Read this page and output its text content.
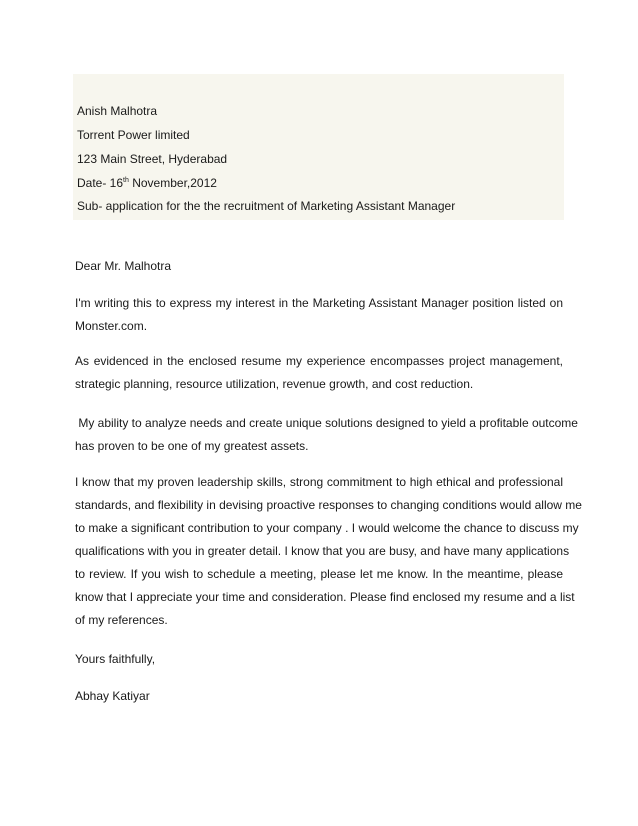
Anish Malhotra
Torrent Power limited
123 Main Street, Hyderabad
Date- 16th November,2012
Sub- application for the the recruitment of Marketing Assistant Manager
Dear Mr. Malhotra
I'm writing this to express my interest in the Marketing Assistant Manager position listed on
Monster.com.
As evidenced in the enclosed resume my experience encompasses project management,
strategic planning, resource utilization, revenue growth, and cost reduction.
My ability to analyze needs and create unique solutions designed to yield a profitable outcome
has proven to be one of my greatest assets.
I know that my proven leadership skills, strong commitment to high ethical and professional
standards, and flexibility in devising proactive responses to changing conditions would allow me
to make a significant contribution to your company . I would welcome the chance to discuss my
qualifications with you in greater detail. I know that you are busy, and have many applications
to review. If you wish to schedule a meeting, please let me know. In the meantime, please
know that I appreciate your time and consideration. Please find enclosed my resume and a list
of my references.
Yours faithfully,
Abhay Katiyar
